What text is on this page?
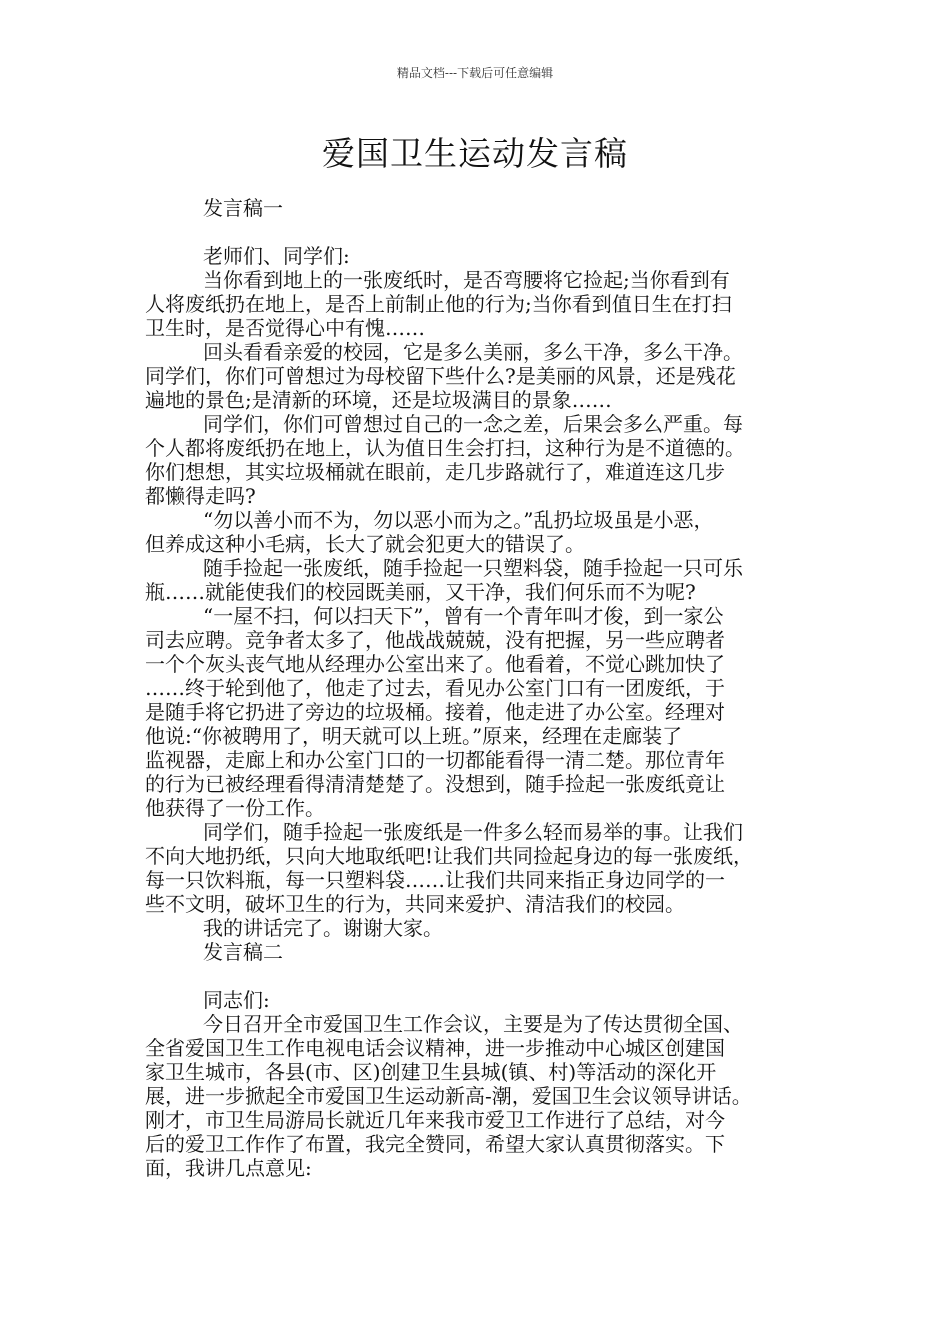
精品文档---下载后可任意编辑
爱国卫生运动发言稿
发言稿一
老师们、同学们:
当你看到地上的一张废纸时，是否弯腰将它捡起;当你看到有
人将废纸扔在地上，是否上前制止他的行为;当你看到值日生在打扫
卫生时，是否觉得心中有愧……
回头看看亲爱的校园，它是多么美丽，多么干净，多么干净。
同学们，你们可曾想过为母校留下些什么?是美丽的风景，还是残花
遍地的景色;是清新的环境，还是垃圾满目的景象……
同学们，你们可曾想过自己的一念之差，后果会多么严重。每
个人都将废纸扔在地上，认为值日生会打扫，这种行为是不道德的。
你们想想，其实垃圾桶就在眼前，走几步路就行了，难道连这几步
都懒得走吗?
“勿以善小而不为，勿以恶小而为之。”乱扔垃圾虽是小恶，
但养成这种小毛病，长大了就会犯更大的错误了。
随手捡起一张废纸，随手捡起一只塑料袋，随手捡起一只可乐
瓶……就能使我们的校园既美丽，又干净，我们何乐而不为呢?
“一屋不扫，何以扫天下”，曾有一个青年叫才俊，到一家公
司去应聘。竞争者太多了，他战战兢兢，没有把握，另一些应聘者
一个个灰头丧气地从经理办公室出来了。他看着，不觉心跳加快了
……终于轮到他了，他走了过去，看见办公室门口有一团废纸，于
是随手将它扔进了旁边的垃圾桶。接着，他走进了办公室。经理对
他说:“你被聘用了，明天就可以上班。”原来，经理在走廊装了
监视器，走廊上和办公室门口的一切都能看得一清二楚。那位青年
的行为已被经理看得清清楚楚了。没想到，随手捡起一张废纸竟让
他获得了一份工作。
同学们，随手捡起一张废纸是一件多么轻而易举的事。让我们
不向大地扔纸，只向大地取纸吧!让我们共同捡起身边的每一张废纸，
每一只饮料瓶，每一只塑料袋……让我们共同来指正身边同学的一
些不文明，破坏卫生的行为，共同来爱护、清洁我们的校园。
我的讲话完了。谢谢大家。
发言稿二
同志们:
今日召开全市爱国卫生工作会议，主要是为了传达贯彻全国、
全省爱国卫生工作电视电话会议精神，进一步推动中心城区创建国
家卫生城市，各县(市、区)创建卫生县城(镇、村)等活动的深化开
展，进一步掀起全市爱国卫生运动新高-潮，爱国卫生会议领导讲话。
刚才，市卫生局游局长就近几年来我市爱卫工作进行了总结，对今
后的爱卫工作作了布置，我完全赞同，希望大家认真贯彻落实。下
面，我讲几点意见:
